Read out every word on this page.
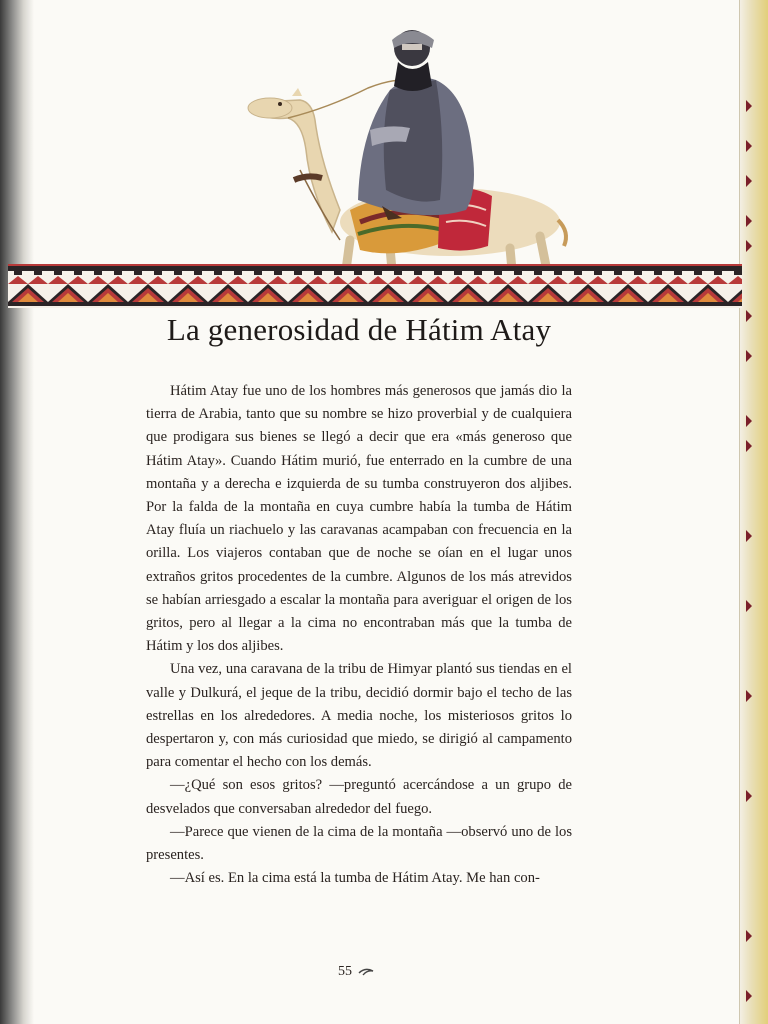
La generosidad de Hátim Atay

Hátim Atay fue uno de los hombres más generosos que jamás dio la tierra de Arabia, tanto que su nombre se hizo proverbial y de cualquiera que prodigara sus bienes se llegó a decir que era «más generoso que Hátim Atay». Cuando Hátim murió, fue enterrado en la cumbre de una montaña y a derecha e izquierda de su tumba construyeron dos aljibes. Por la falda de la montaña en cuya cumbre había la tumba de Hátim Atay fluía un riachuelo y las caravanas acampaban con frecuencia en la orilla. Los viajeros contaban que de noche se oían en el lugar unos extraños gritos procedentes de la cumbre. Algunos de los más atrevidos se habían arriesgado a escalar la montaña para averiguar el origen de los gritos, pero al llegar a la cima no encontraban más que la tumba de Hátim y los dos aljibes.

Una vez, una caravana de la tribu de Himyar plantó sus tiendas en el valle y Dulkurá, el jeque de la tribu, decidió dormir bajo el techo de las estrellas en los alrededores. A media noche, los misteriosos gritos lo despertaron y, con más curiosidad que miedo, se dirigió al campamento para comentar el hecho con los demás.

—¿Qué son esos gritos? —preguntó acercándose a un grupo de desvelados que conversaban alrededor del fuego.

—Parece que vienen de la cima de la montaña —observó uno de los presentes.

—Así es. En la cima está la tumba de Hátim Atay. Me han con-

55
